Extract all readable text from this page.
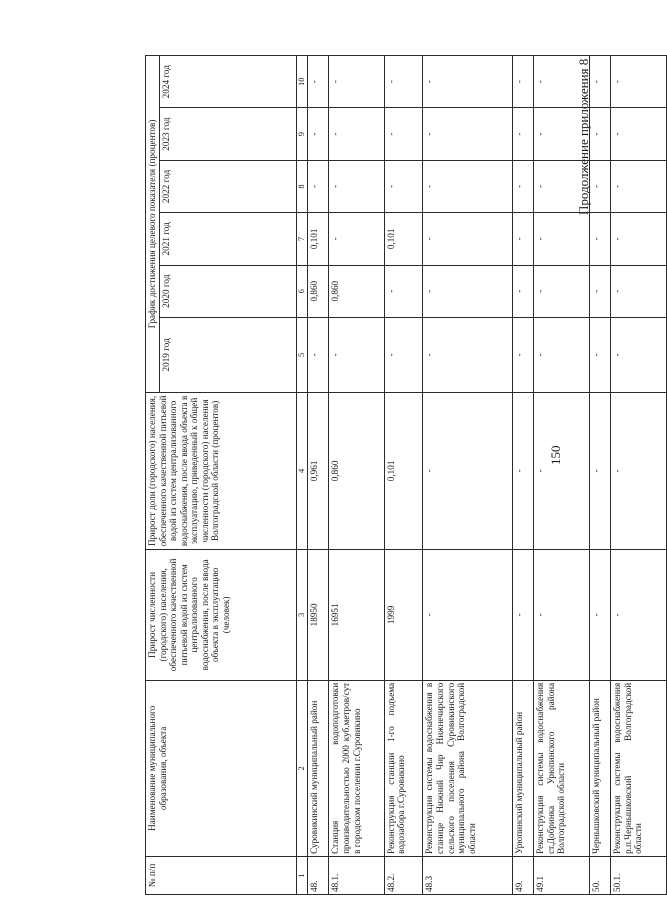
150
Продолжение приложения 8
№ п/п	Наименование муниципального образования, объекта	Прирост численности (городского) населения, обеспеченного качественной питьевой водой из систем централизованного водоснабжения, после ввода объекта в эксплуатацию (человек)	Прирост доли (городского) населения, обеспеченного качественной питьевой водой из систем централизованного водоснабжения, после ввода объекта в эксплуатацию, приведенный к общей численности (городского) населения Волгоградской области (процентов)	График достижения целевого показателя (процентов)					
				2019 год	2020 год	2021 год	2022 год	2023 год	2024 год
1	2	3	4	5	6	7	8	9	10
48.	Суровикинский муниципальный район	18950	0,961	-	0,860	0,101	-	-	-
48.1.	Станция водоподготовки производительностью 2000 куб.метров/сут в городском поселении г.Суровикино	16951	0,860	-	0,860	-	-	-	-
48.2.	Реконструкция станции 1-го подъема водозабора г.Суровикино	1999	0,101	-	-	0,101	-	-	-
48.3	Реконструкция системы водоснабжения в станице Нижний Чир Нижнечирского сельского поселения Суровикинского муниципального района Волгоградской области	-	-	-	-	-	-	-	-
49.	Урюпинский муниципальный район	-	-	-	-	-	-	-	-
49.1	Реконструкция системы водоснабжения ст.Добринка Урюпинского района Волгоградской области	-	-	-	-	-	-	-	-
50.	Чернышковский муниципальный район	-	-	-	-	-	-	-	-
50.1.	Реконструкция системы водоснабжения р.п.Чернышковский Волгоградской области	-	-	-	-	-	-	-	-
